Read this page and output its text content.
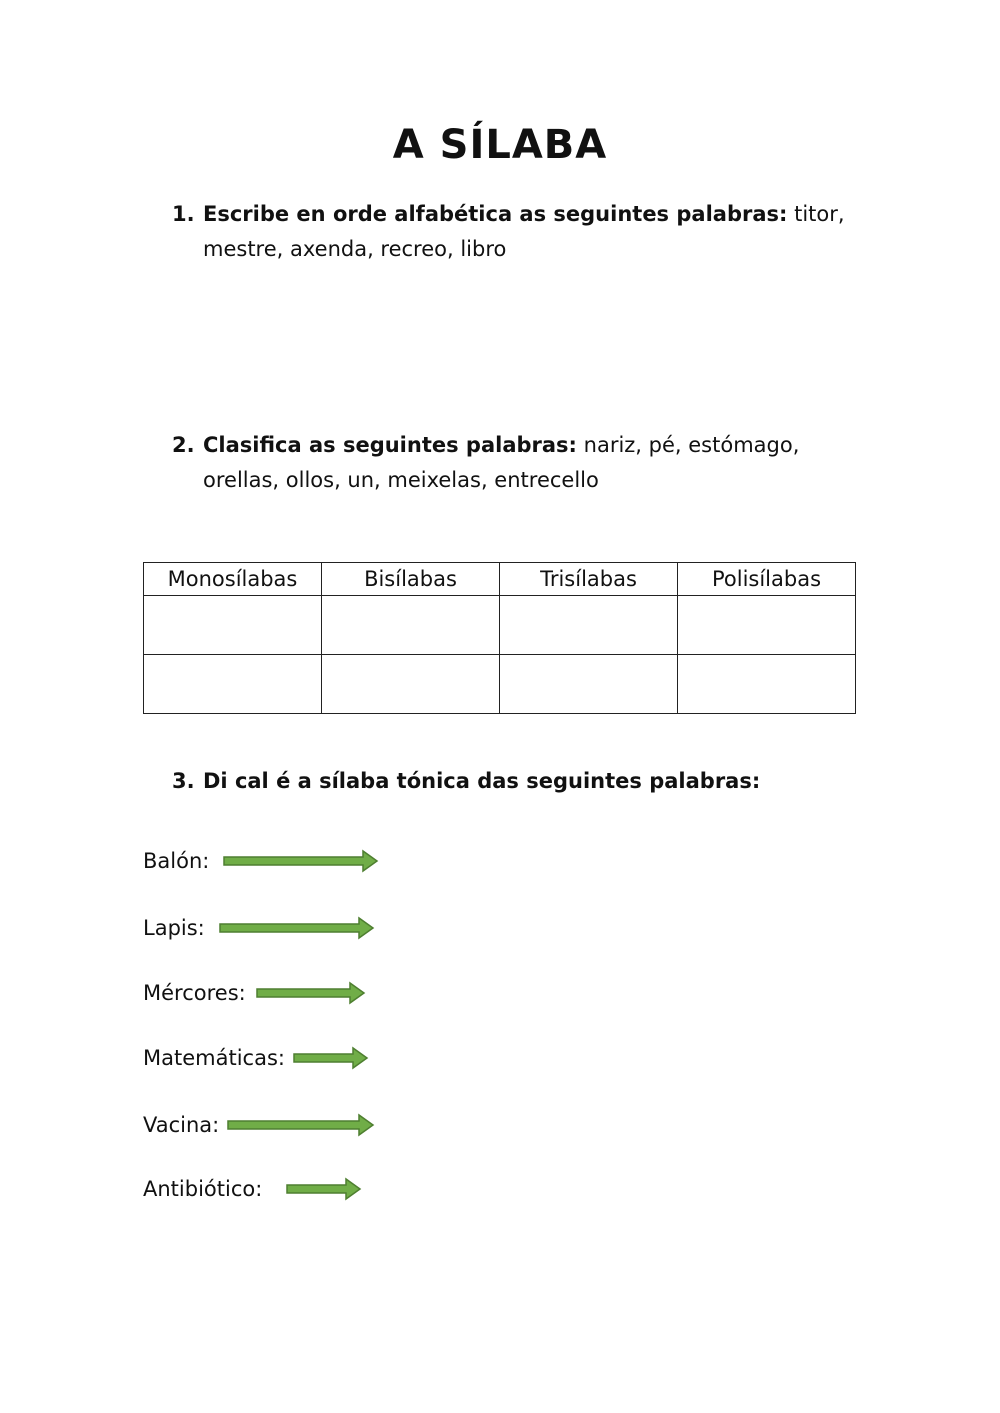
A SÍLABA
1. Escribe en orde alfabética as seguintes palabras: titor, mestre, axenda, recreo, libro
2. Clasifica as seguintes palabras: nariz, pé, estómago, orellas, ollos, un, meixelas, entrecello
Monosílabas	Bisílabas	Trisílabas	Polisílabas

3. Di cal é a sílaba tónica das seguintes palabras:
Balón:
Lapis:
Mércores:
Matemáticas:
Vacina:
Antibiótico:
